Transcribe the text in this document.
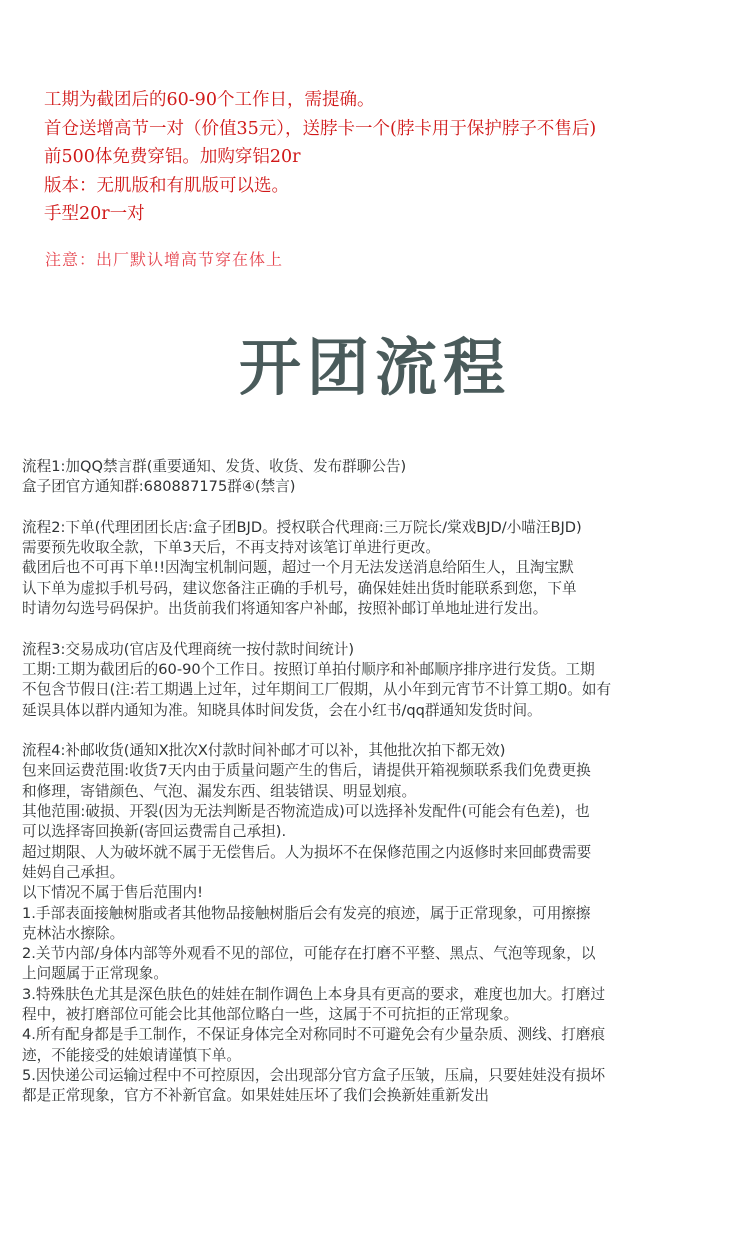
工期为截团后的60-90个工作日，需提确。
首仓送增高节一对（价值35元），送脖卡一个(脖卡用于保护脖子不售后)
前500体免费穿铝。加购穿铝20r
版本：无肌版和有肌版可以选。
手型20r一对
注意：出厂默认增高节穿在体上
开团流程
流程1:加QQ禁言群(重要通知、发货、收货、发布群聊公告)
盒子团官方通知群:680887175群④(禁言)
流程2:下单(代理团团长店:盒子团BJD。授权联合代理商:三万院长/棠戏BJD/小喵汪BJD)
需要预先收取全款，下单3天后，不再支持对该笔订单进行更改。
截团后也不可再下单!!因淘宝机制问题，超过一个月无法发送消息给陌生人，且淘宝默
认下单为虚拟手机号码，建议您备注正确的手机号，确保娃娃出货时能联系到您，下单
时请勿勾选号码保护。出货前我们将通知客户补邮，按照补邮订单地址进行发出。
流程3:交易成功(官店及代理商统一按付款时间统计)
工期:工期为截团后的60-90个工作日。按照订单拍付顺序和补邮顺序排序进行发货。工期
不包含节假日(注:若工期遇上过年，过年期间工厂假期，从小年到元宵节不计算工期0。如有
延误具体以群内通知为准。知晓具体时间发货，会在小红书/qq群通知发货时间。
流程4:补邮收货(通知X批次X付款时间补邮才可以补，其他批次拍下都无效)
包来回运费范围:收货7天内由于质量问题产生的售后，请提供开箱视频联系我们免费更换
和修理，寄错颜色、气泡、漏发东西、组装错误、明显划痕。
其他范围:破损、开裂(因为无法判断是否物流造成)可以选择补发配件(可能会有色差)，也
可以选择寄回换新(寄回运费需自己承担).
超过期限、人为破坏就不属于无偿售后。人为损坏不在保修范围之内返修时来回邮费需要
娃妈自己承担。
以下情况不属于售后范围内!
1.手部表面接触树脂或者其他物品接触树脂后会有发亮的痕迹，属于正常现象，可用擦擦
克林沾水擦除。
2.关节内部/身体内部等外观看不见的部位，可能存在打磨不平整、黑点、气泡等现象，以
上问题属于正常现象。
3.特殊肤色尤其是深色肤色的娃娃在制作调色上本身具有更高的要求，难度也加大。打磨过
程中，被打磨部位可能会比其他部位略白一些，这属于不可抗拒的正常现象。
4.所有配身都是手工制作，不保证身体完全对称同时不可避免会有少量杂质、测线、打磨痕
迹，不能接受的娃娘请谨慎下单。
5.因快递公司运输过程中不可控原因，会出现部分官方盒子压皱，压扁，只要娃娃没有损坏
都是正常现象，官方不补新官盒。如果娃娃压坏了我们会换新娃重新发出
